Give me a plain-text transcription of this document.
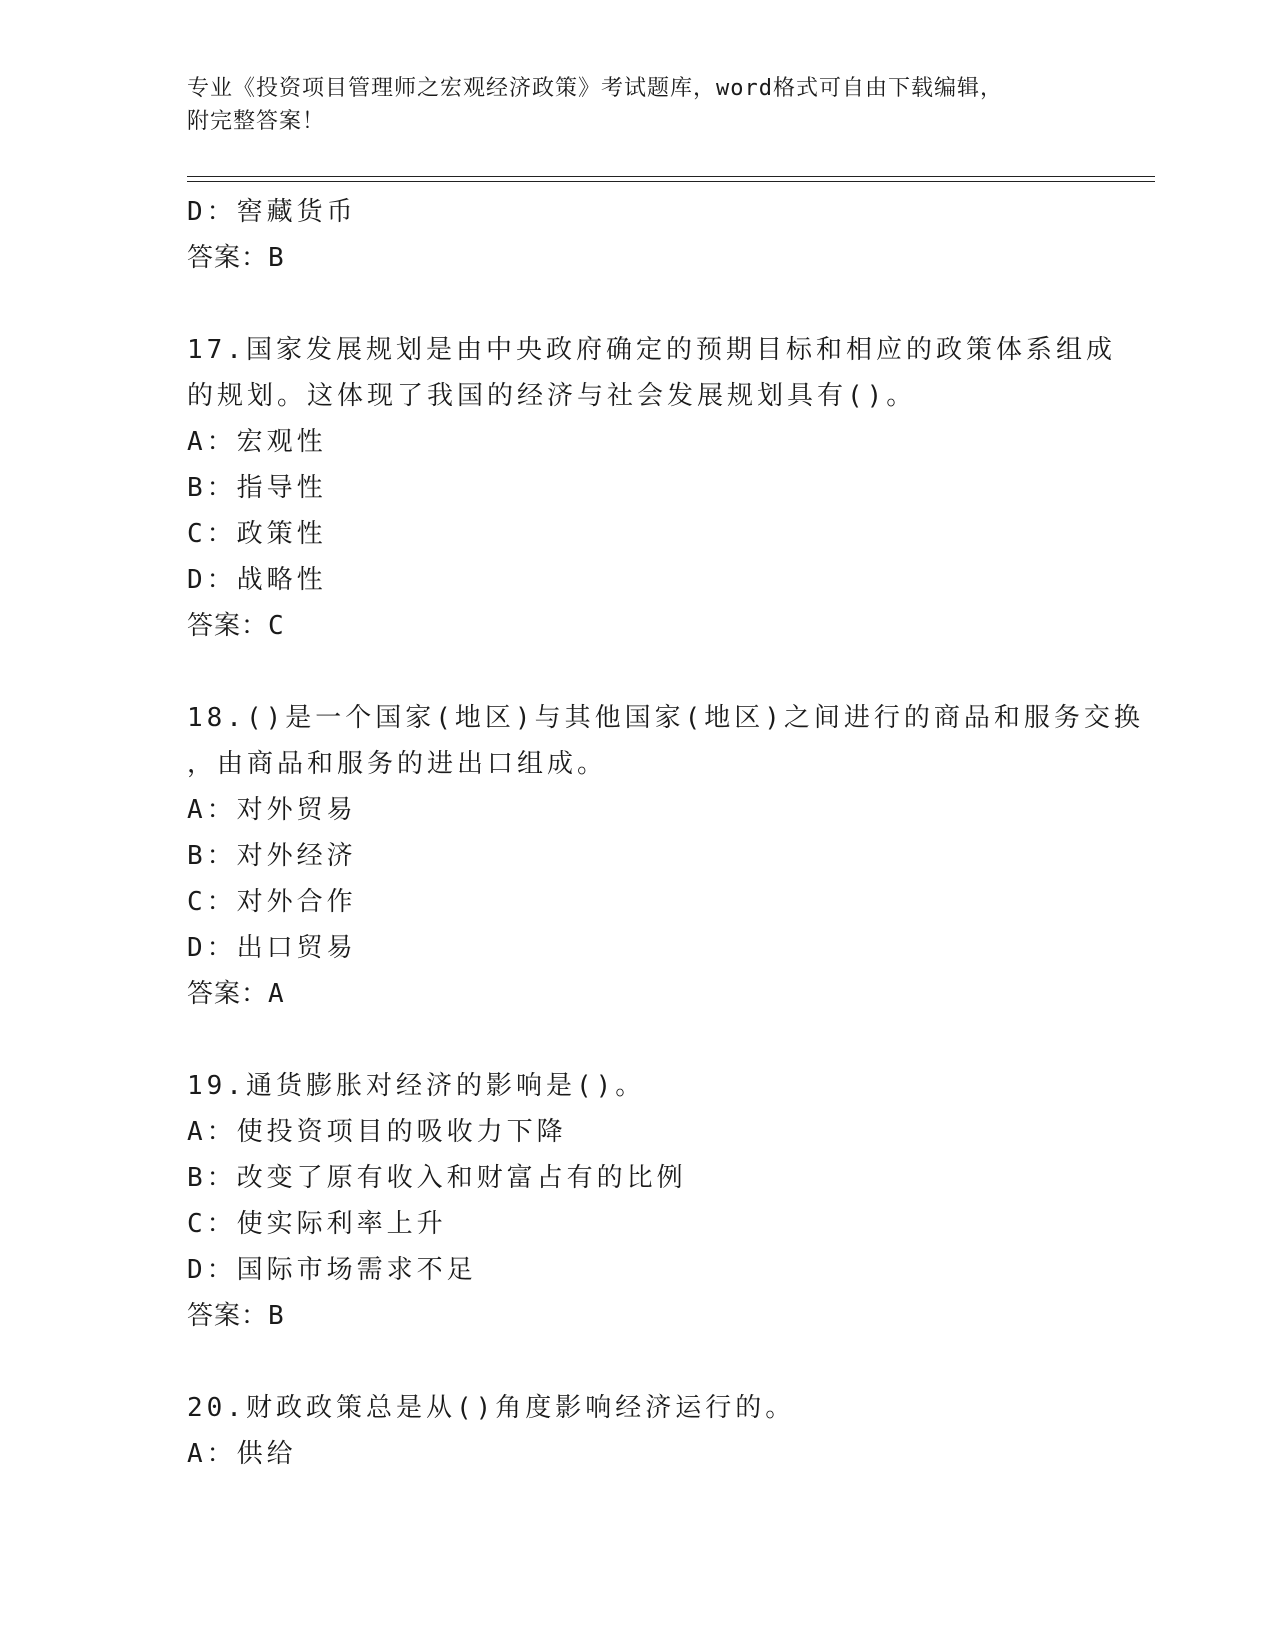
专业《投资项目管理师之宏观经济政策》考试题库，word格式可自由下载编辑，
附完整答案！
D：窖藏货币
答案：B
17.国家发展规划是由中央政府确定的预期目标和相应的政策体系组成
的规划。这体现了我国的经济与社会发展规划具有()。
A：宏观性
B：指导性
C：政策性
D：战略性
答案：C
18.()是一个国家(地区)与其他国家(地区)之间进行的商品和服务交换
，由商品和服务的进出口组成。
A：对外贸易
B：对外经济
C：对外合作
D：出口贸易
答案：A
19.通货膨胀对经济的影响是()。
A：使投资项目的吸收力下降
B：改变了原有收入和财富占有的比例
C：使实际利率上升
D：国际市场需求不足
答案：B
20.财政政策总是从()角度影响经济运行的。
A：供给
